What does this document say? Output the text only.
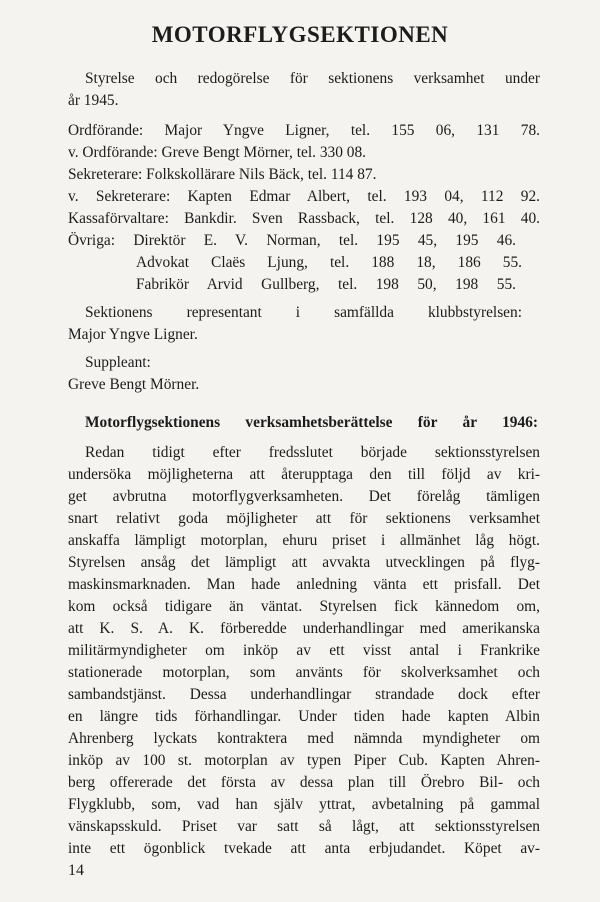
MOTORFLYGSEKTIONEN
Styrelse och redogörelse för sektionens verksamhet under
år 1945.
Ordförande: Major Yngve Ligner, tel. 155 06, 131 78.
v. Ordförande: Greve Bengt Mörner, tel. 330 08.
Sekreterare: Folkskollärare Nils Bäck, tel. 114 87.
v. Sekreterare: Kapten Edmar Albert, tel. 193 04, 112 92.
Kassaförvaltare: Bankdir. Sven Rassback, tel. 128 40, 161 40.
Övriga: Direktör E. V. Norman, tel. 195 45, 195 46.
Advokat Claës Ljung, tel. 188 18, 186 55.
Fabrikör Arvid Gullberg, tel. 198 50, 198 55.
Sektionens representant i samfällda klubbstyrelsen:
Major Yngve Ligner.
Suppleant:
Greve Bengt Mörner.
Motorflygsektionens verksamhetsberättelse för år 1946:
Redan tidigt efter fredsslutet började sektionsstyrelsen
undersöka möjligheterna att återupptaga den till följd av kri-
get avbrutna motorflygverksamheten. Det förelåg tämligen
snart relativt goda möjligheter att för sektionens verksamhet
anskaffa lämpligt motorplan, ehuru priset i allmänhet låg högt.
Styrelsen ansåg det lämpligt att avvakta utvecklingen på flyg-
maskinsmarknaden. Man hade anledning vänta ett prisfall. Det
kom också tidigare än väntat. Styrelsen fick kännedom om,
att K. S. A. K. förberedde underhandlingar med amerikanska
militärmyndigheter om inköp av ett visst antal i Frankrike
stationerade motorplan, som använts för skolverksamhet och
sambandstjänst. Dessa underhandlingar strandade dock efter
en längre tids förhandlingar. Under tiden hade kapten Albin
Ahrenberg lyckats kontraktera med nämnda myndigheter om
inköp av 100 st. motorplan av typen Piper Cub. Kapten Ahren-
berg offererade det första av dessa plan till Örebro Bil- och
Flygklubb, som, vad han själv yttrat, avbetalning på gammal
vänskapsskuld. Priset var satt så lågt, att sektionsstyrelsen
inte ett ögonblick tvekade att anta erbjudandet. Köpet av-
14
